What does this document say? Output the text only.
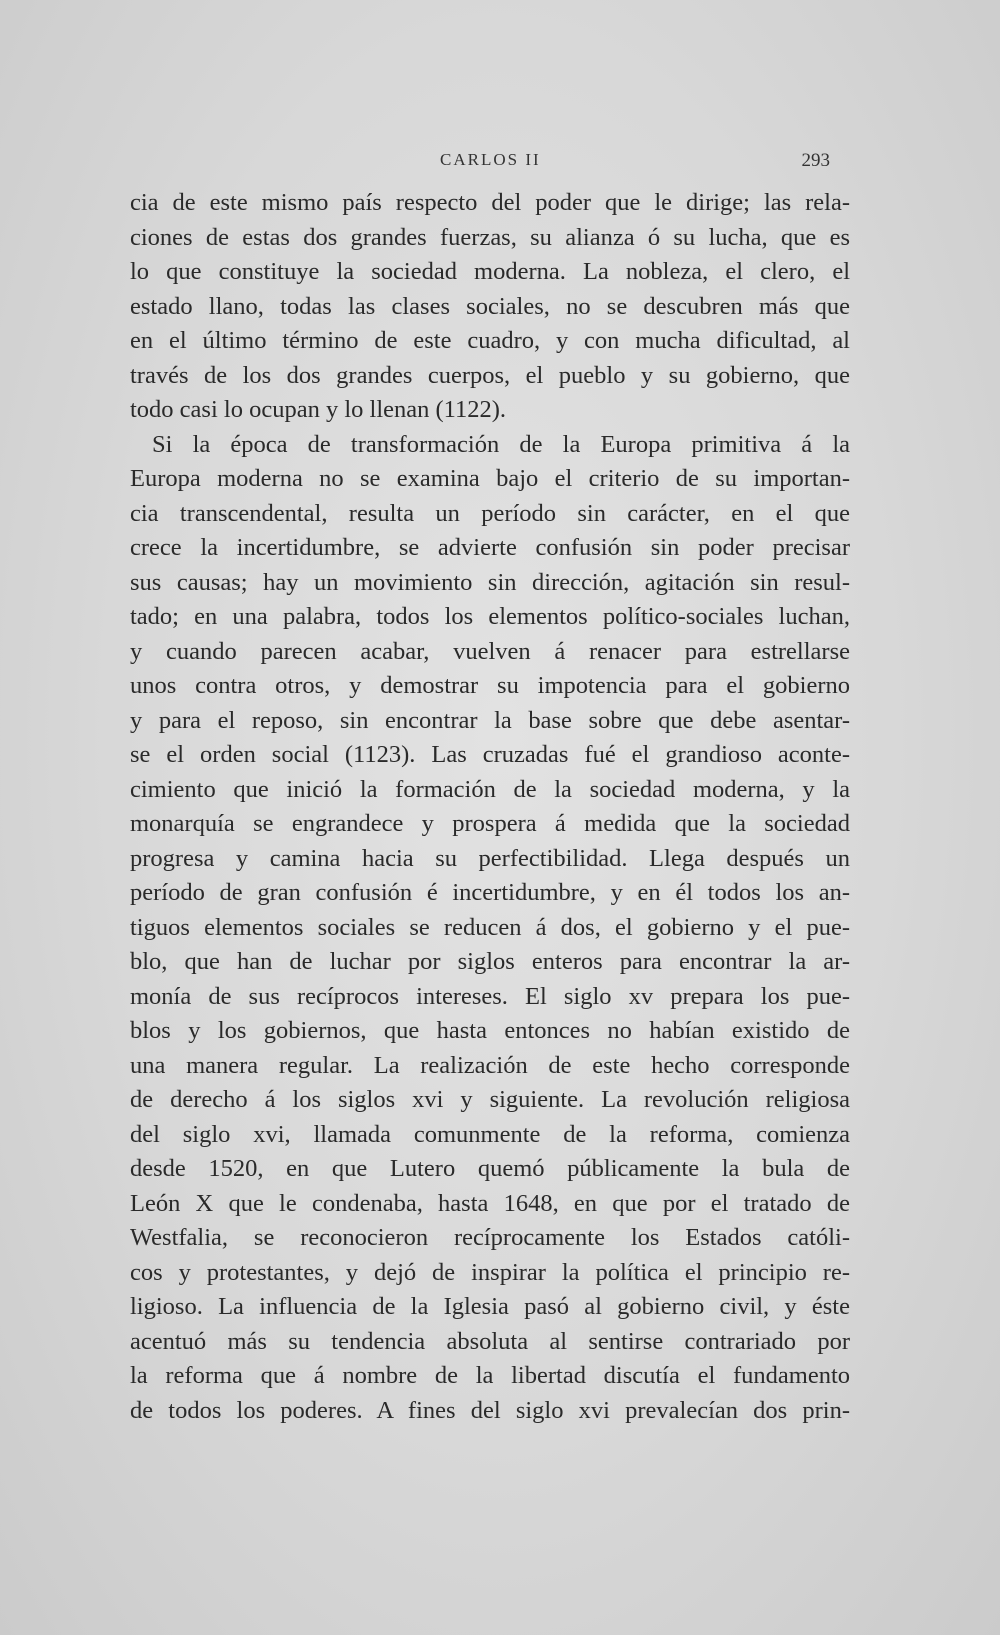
CARLOS II	293
cia de este mismo país respecto del poder que le dirige; las rela-
ciones de estas dos grandes fuerzas, su alianza ó su lucha, que es
lo que constituye la sociedad moderna. La nobleza, el clero, el
estado llano, todas las clases sociales, no se descubren más que
en el último término de este cuadro, y con mucha dificultad, al
través de los dos grandes cuerpos, el pueblo y su gobierno, que
todo casi lo ocupan y lo llenan (1122).
Si la época de transformación de la Europa primitiva á la
Europa moderna no se examina bajo el criterio de su importan-
cia transcendental, resulta un período sin carácter, en el que
crece la incertidumbre, se advierte confusión sin poder precisar
sus causas; hay un movimiento sin dirección, agitación sin resul-
tado; en una palabra, todos los elementos político-sociales luchan,
y cuando parecen acabar, vuelven á renacer para estrellarse
unos contra otros, y demostrar su impotencia para el gobierno
y para el reposo, sin encontrar la base sobre que debe asentar-
se el orden social (1123). Las cruzadas fué el grandioso aconte-
cimiento que inició la formación de la sociedad moderna, y la
monarquía se engrandece y prospera á medida que la sociedad
progresa y camina hacia su perfectibilidad. Llega después un
período de gran confusión é incertidumbre, y en él todos los an-
tiguos elementos sociales se reducen á dos, el gobierno y el pue-
blo, que han de luchar por siglos enteros para encontrar la ar-
monía de sus recíprocos intereses. El siglo xv prepara los pue-
blos y los gobiernos, que hasta entonces no habían existido de
una manera regular. La realización de este hecho corresponde
de derecho á los siglos xvi y siguiente. La revolución religiosa
del siglo xvi, llamada comunmente de la reforma, comienza
desde 1520, en que Lutero quemó públicamente la bula de
León X que le condenaba, hasta 1648, en que por el tratado de
Westfalia, se reconocieron recíprocamente los Estados católi-
cos y protestantes, y dejó de inspirar la política el principio re-
ligioso. La influencia de la Iglesia pasó al gobierno civil, y éste
acentuó más su tendencia absoluta al sentirse contrariado por
la reforma que á nombre de la libertad discutía el fundamento
de todos los poderes. A fines del siglo xvi prevalecían dos prin-
